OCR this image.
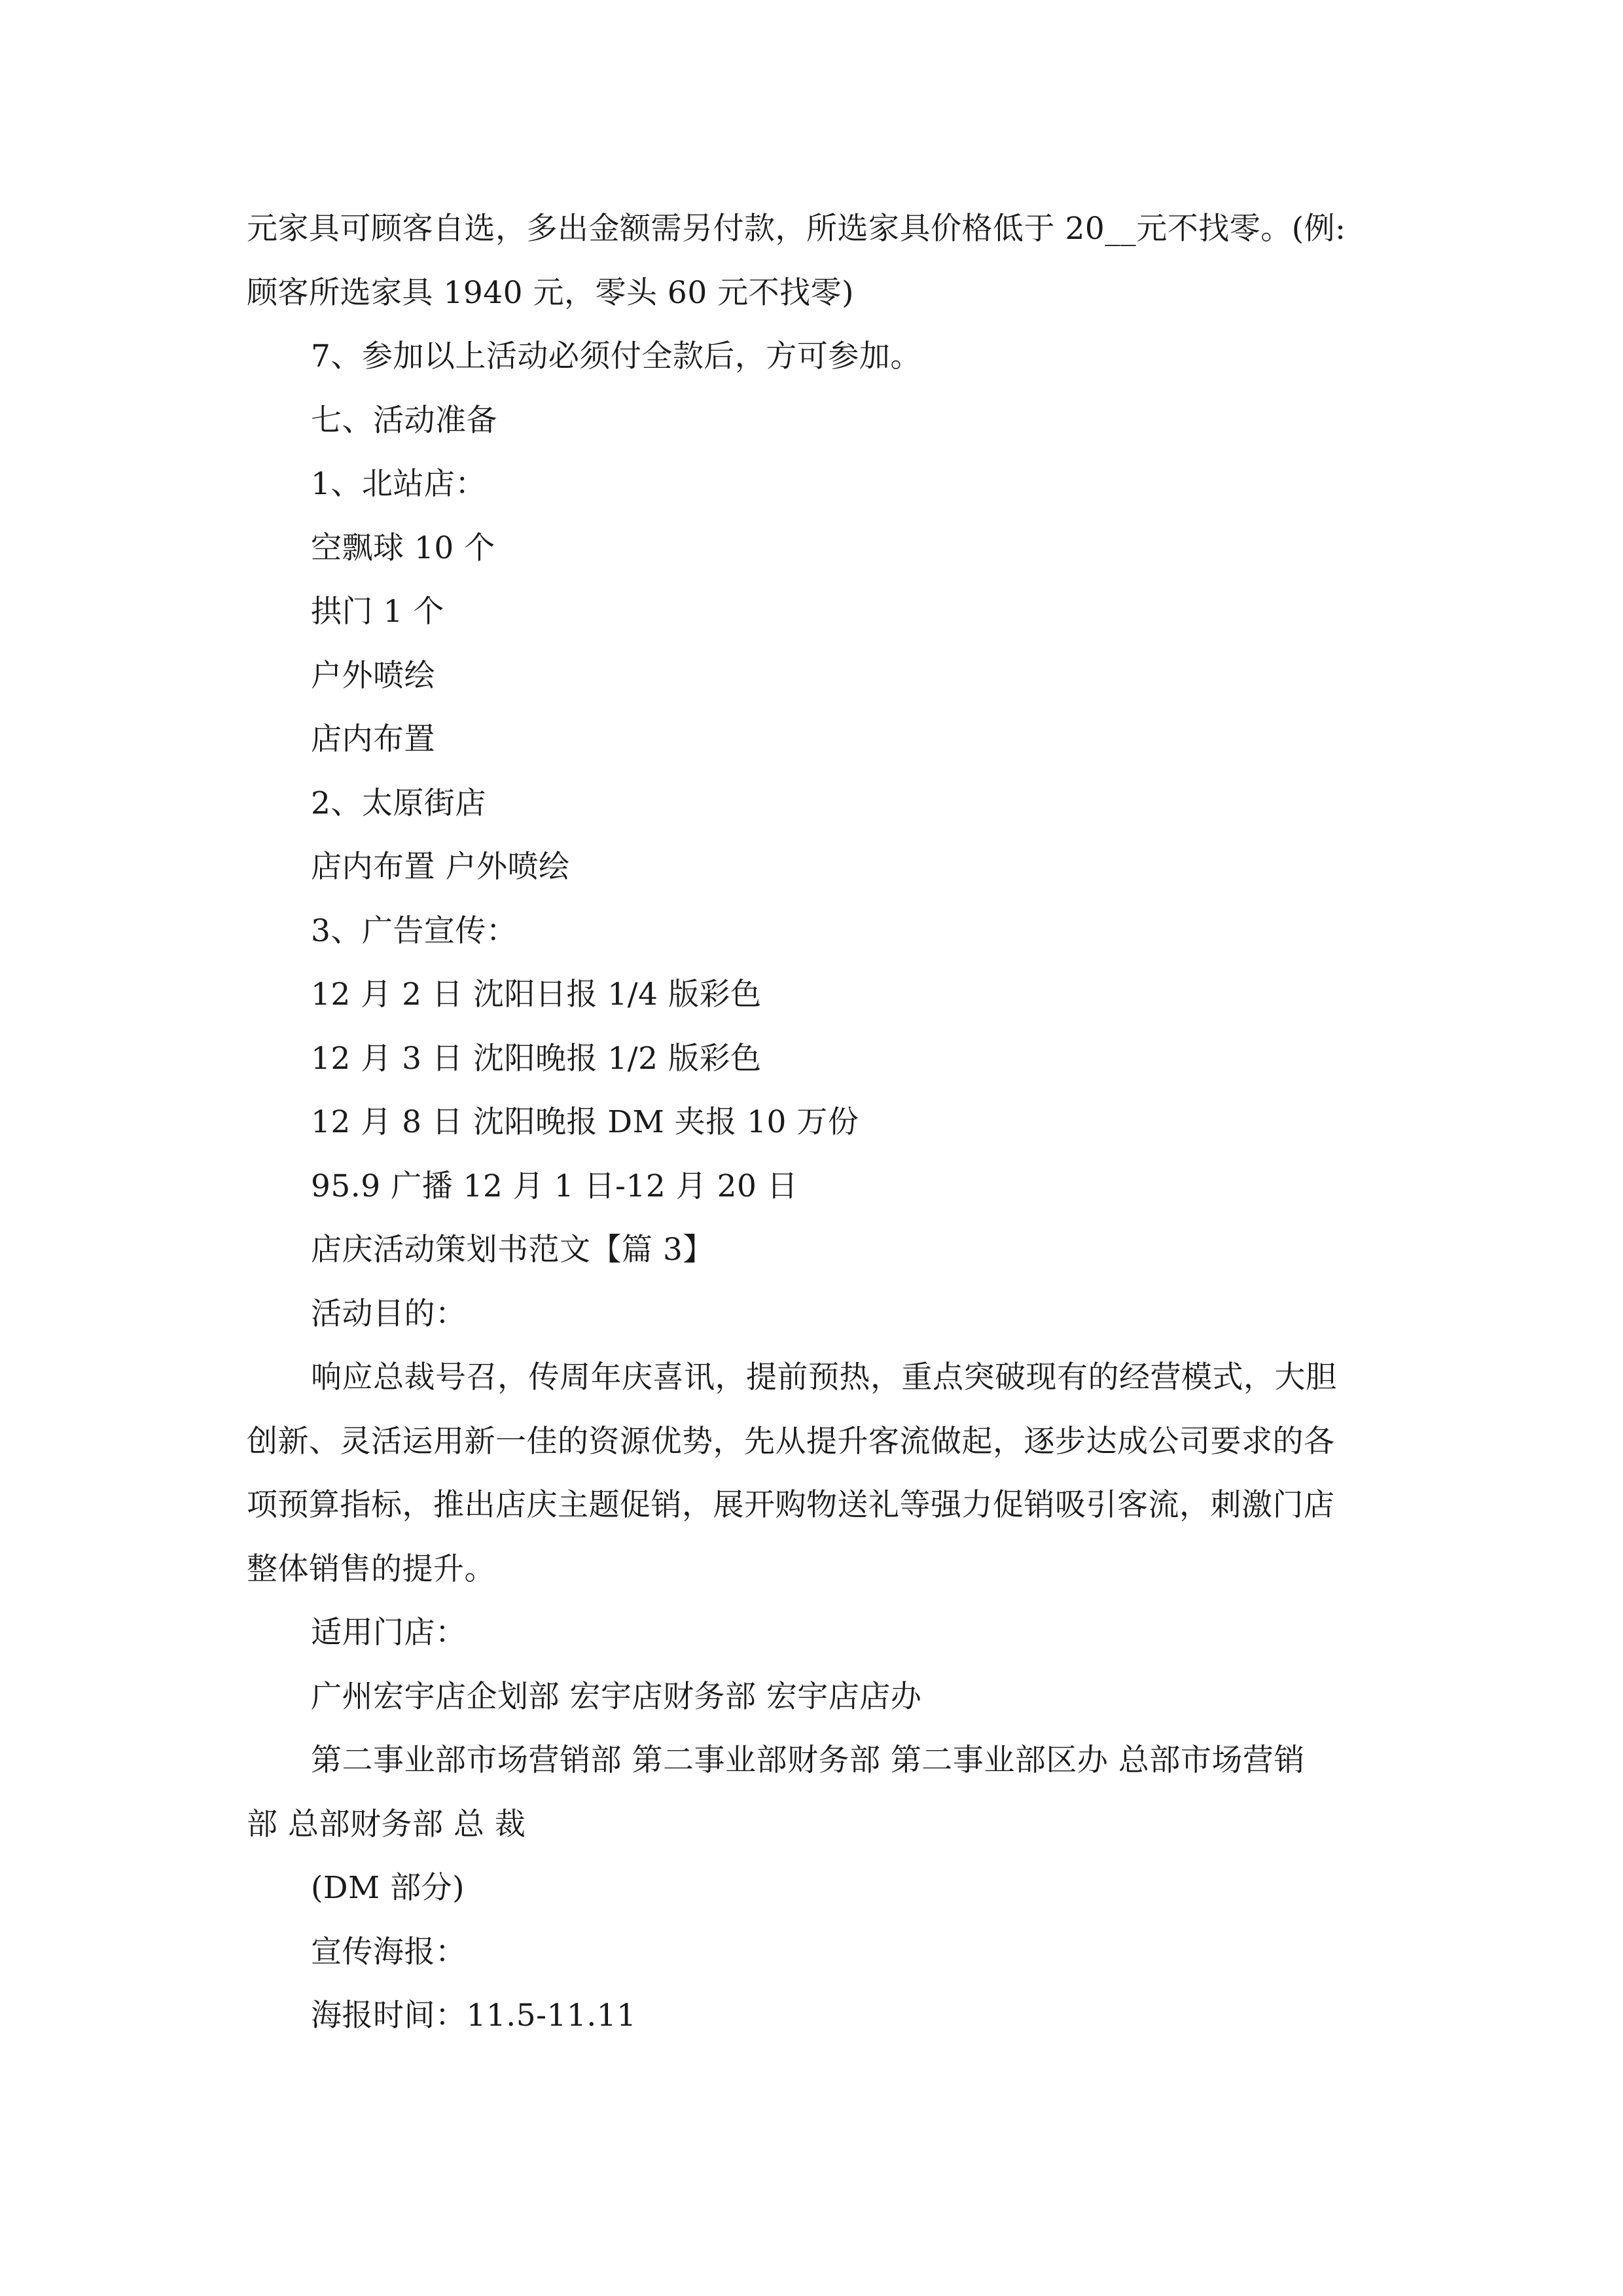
元家具可顾客自选，多出金额需另付款，所选家具价格低于 20__元不找零。(例:
顾客所选家具 1940 元，零头 60 元不找零)
7、参加以上活动必须付全款后，方可参加。
七、活动准备
1、北站店：
空飘球 10 个
拱门 1 个
户外喷绘
店内布置
2、太原街店
店内布置 户外喷绘
3、广告宣传：
12 月 2 日 沈阳日报 1/4 版彩色
12 月 3 日 沈阳晚报 1/2 版彩色
12 月 8 日 沈阳晚报 DM 夹报 10 万份
95.9 广播 12 月 1 日-12 月 20 日
店庆活动策划书范文【篇 3】
活动目的：
响应总裁号召，传周年庆喜讯，提前预热，重点突破现有的经营模式，大胆
创新、灵活运用新一佳的资源优势，先从提升客流做起，逐步达成公司要求的各
项预算指标，推出店庆主题促销，展开购物送礼等强力促销吸引客流，刺激门店
整体销售的提升。
适用门店：
广州宏宇店企划部 宏宇店财务部 宏宇店店办
第二事业部市场营销部 第二事业部财务部 第二事业部区办 总部市场营销
部 总部财务部 总 裁
(DM 部分)
宣传海报：
海报时间：11.5-11.11
